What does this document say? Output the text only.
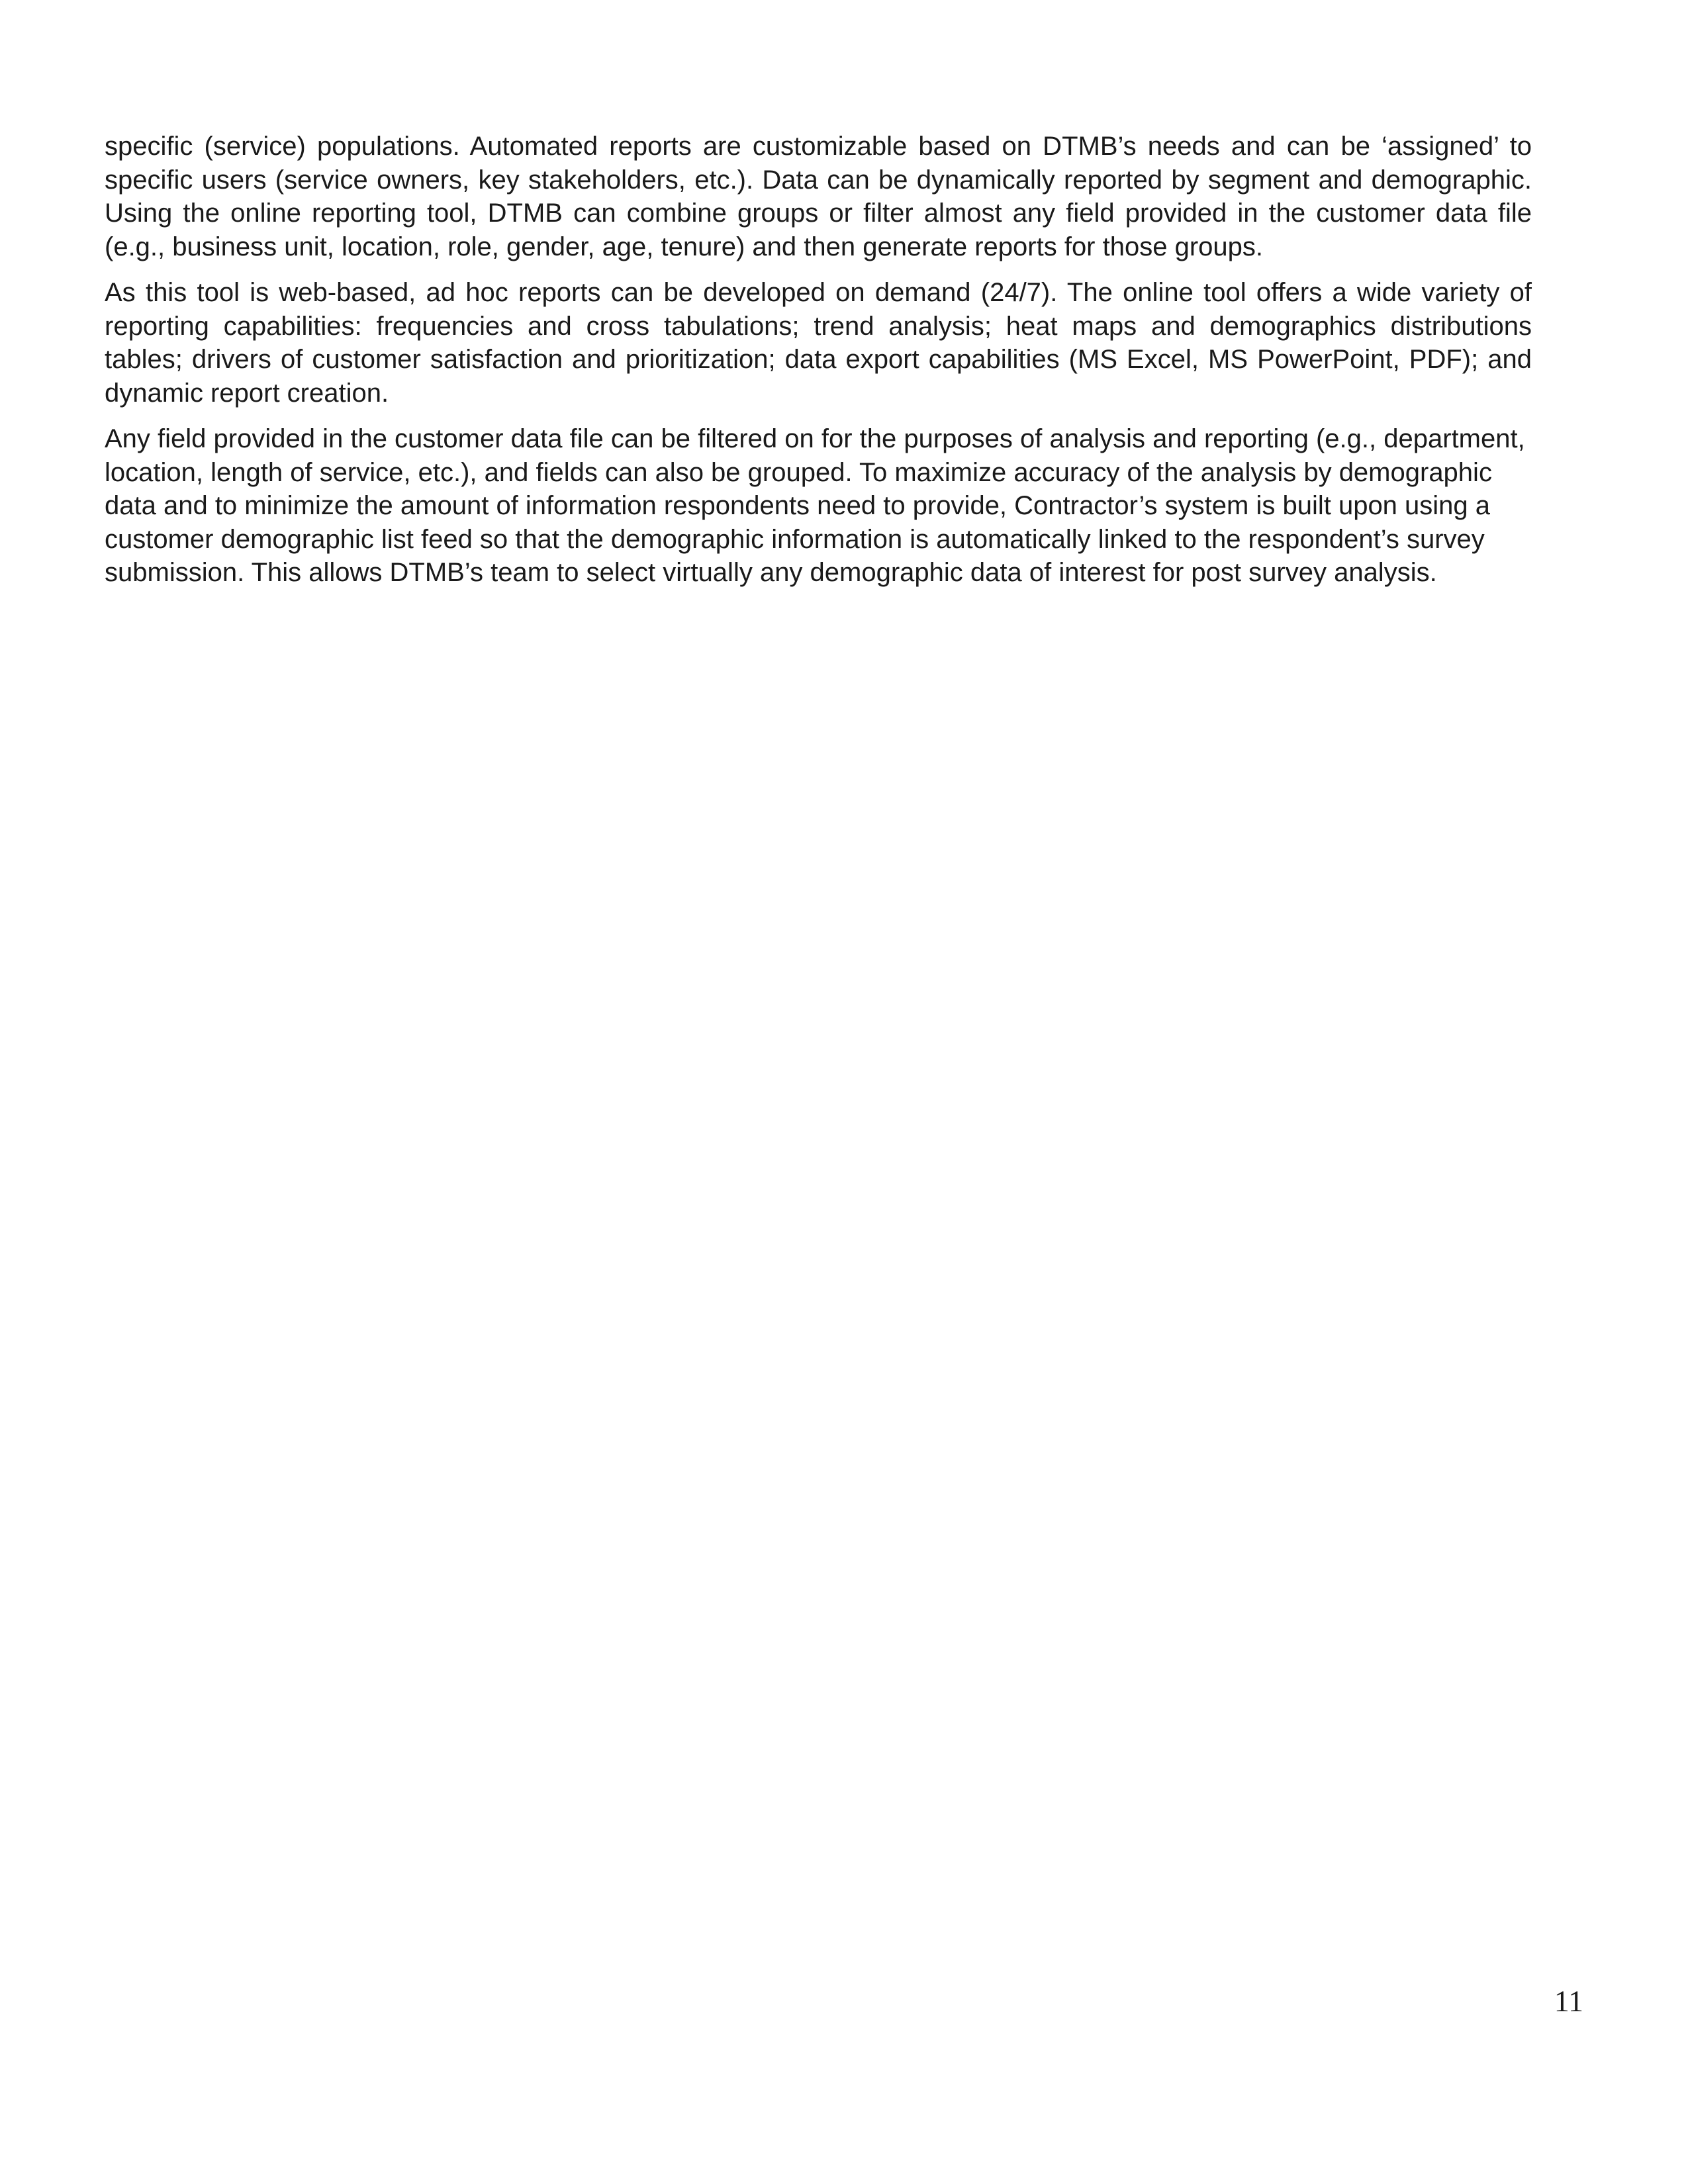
specific (service) populations. Automated reports are customizable based on DTMB’s needs and can be ‘assigned’ to specific users (service owners, key stakeholders, etc.). Data can be dynamically reported by segment and demographic. Using the online reporting tool, DTMB can combine groups or filter almost any field provided in the customer data file (e.g., business unit, location, role, gender, age, tenure) and then generate reports for those groups.

As this tool is web-based, ad hoc reports can be developed on demand (24/7). The online tool offers a wide variety of reporting capabilities: frequencies and cross tabulations; trend analysis; heat maps and demographics distributions tables; drivers of customer satisfaction and prioritization; data export capabilities (MS Excel, MS PowerPoint, PDF); and dynamic report creation.

Any field provided in the customer data file can be filtered on for the purposes of analysis and reporting (e.g., department, location, length of service, etc.), and fields can also be grouped. To maximize accuracy of the analysis by demographic data and to minimize the amount of information respondents need to provide, Contractor’s system is built upon using a customer demographic list feed so that the demographic information is automatically linked to the respondent’s survey submission. This allows DTMB’s team to select virtually any demographic data of interest for post survey analysis.

11
